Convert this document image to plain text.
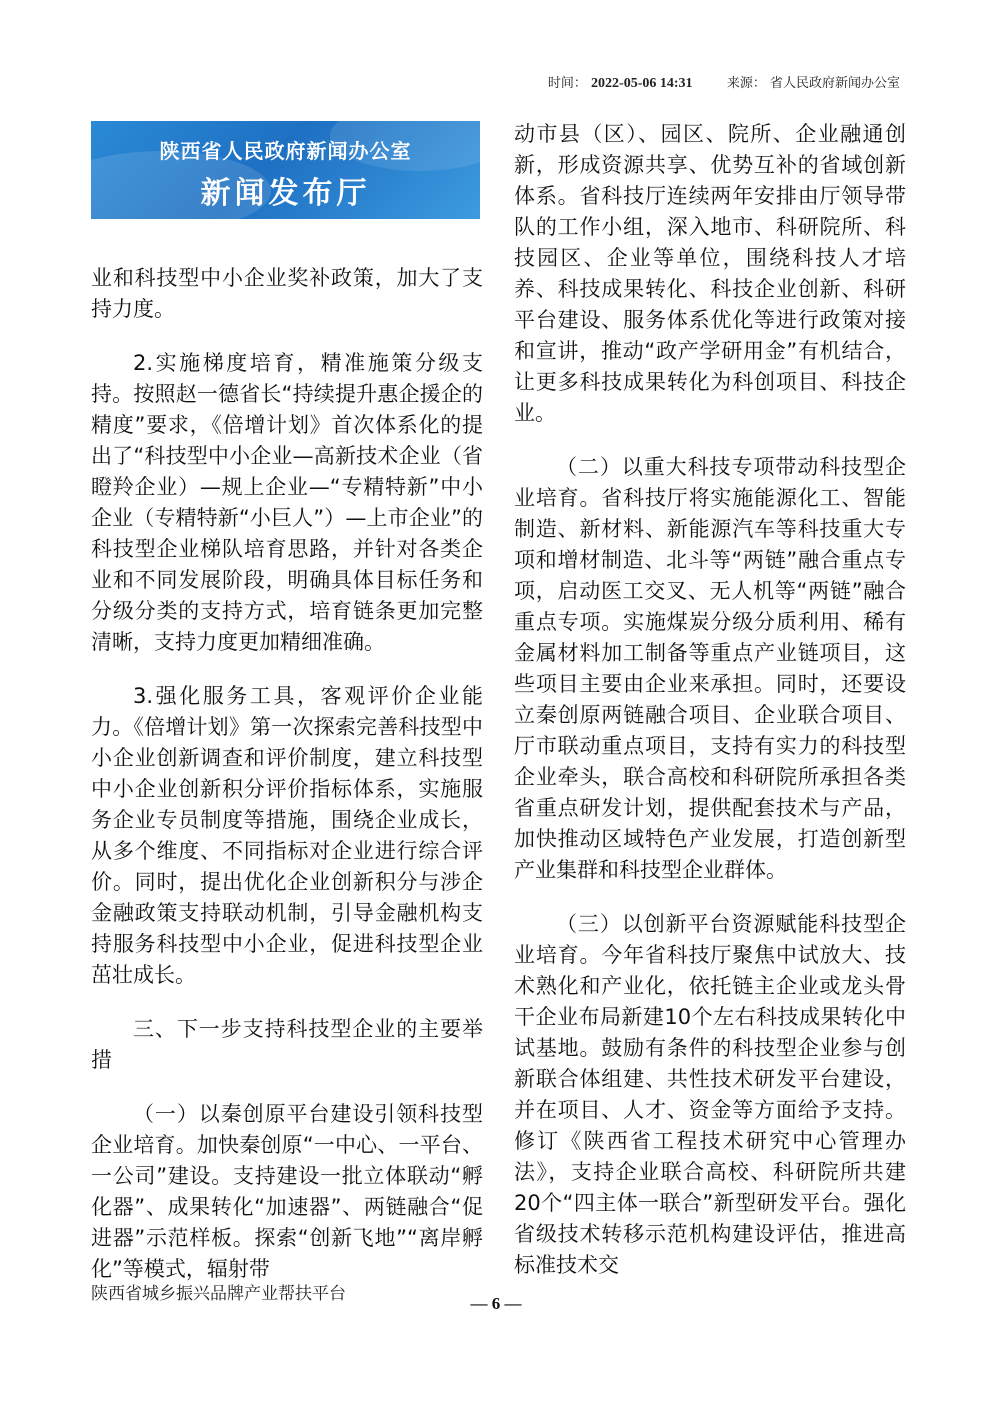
时间： 2022-05-06 14:31	来源： 省人民政府新闻办公室
陕西省人民政府新闻办公室
新闻发布厅

业和科技型中小企业奖补政策，加大了支持力度。

2.实施梯度培育，精准施策分级支持。按照赵一德省长“持续提升惠企援企的精度”要求，《倍增计划》首次体系化的提出了“科技型中小企业—高新技术企业（省瞪羚企业）—规上企业—“专精特新”中小企业（专精特新“小巨人”）—上市企业”的科技型企业梯队培育思路，并针对各类企业和不同发展阶段，明确具体目标任务和分级分类的支持方式，培育链条更加完整清晰，支持力度更加精细准确。

3.强化服务工具，客观评价企业能力。《倍增计划》第一次探索完善科技型中小企业创新调查和评价制度，建立科技型中小企业创新积分评价指标体系，实施服务企业专员制度等措施，围绕企业成长，从多个维度、不同指标对企业进行综合评价。同时，提出优化企业创新积分与涉企金融政策支持联动机制，引导金融机构支持服务科技型中小企业，促进科技型企业茁壮成长。

三、下一步支持科技型企业的主要举措

（一）以秦创原平台建设引领科技型企业培育。加快秦创原“一中心、一平台、一公司”建设。支持建设一批立体联动“孵化器”、成果转化“加速器”、两链融合“促进器”示范样板。探索“创新飞地”“离岸孵化”等模式，辐射带

动市县（区）、园区、院所、企业融通创新，形成资源共享、优势互补的省域创新体系。省科技厅连续两年安排由厅领导带队的工作小组，深入地市、科研院所、科技园区、企业等单位，围绕科技人才培养、科技成果转化、科技企业创新、科研平台建设、服务体系优化等进行政策对接和宣讲，推动“政产学研用金”有机结合，让更多科技成果转化为科创项目、科技企业。

（二）以重大科技专项带动科技型企业培育。省科技厅将实施能源化工、智能制造、新材料、新能源汽车等科技重大专项和增材制造、北斗等“两链”融合重点专项，启动医工交叉、无人机等“两链”融合重点专项。实施煤炭分级分质利用、稀有金属材料加工制备等重点产业链项目，这些项目主要由企业来承担。同时，还要设立秦创原两链融合项目、企业联合项目、厅市联动重点项目，支持有实力的科技型企业牵头，联合高校和科研院所承担各类省重点研发计划，提供配套技术与产品，加快推动区域特色产业发展，打造创新型产业集群和科技型企业群体。

（三）以创新平台资源赋能科技型企业培育。今年省科技厅聚焦中试放大、技术熟化和产业化，依托链主企业或龙头骨干企业布局新建10个左右科技成果转化中试基地。鼓励有条件的科技型企业参与创新联合体组建、共性技术研发平台建设，并在项目、人才、资金等方面给予支持。修订《陕西省工程技术研究中心管理办法》，支持企业联合高校、科研院所共建20个“四主体一联合”新型研发平台。强化省级技术转移示范机构建设评估，推进高标准技术交

陕西省城乡振兴品牌产业帮扶平台	— 6 —
